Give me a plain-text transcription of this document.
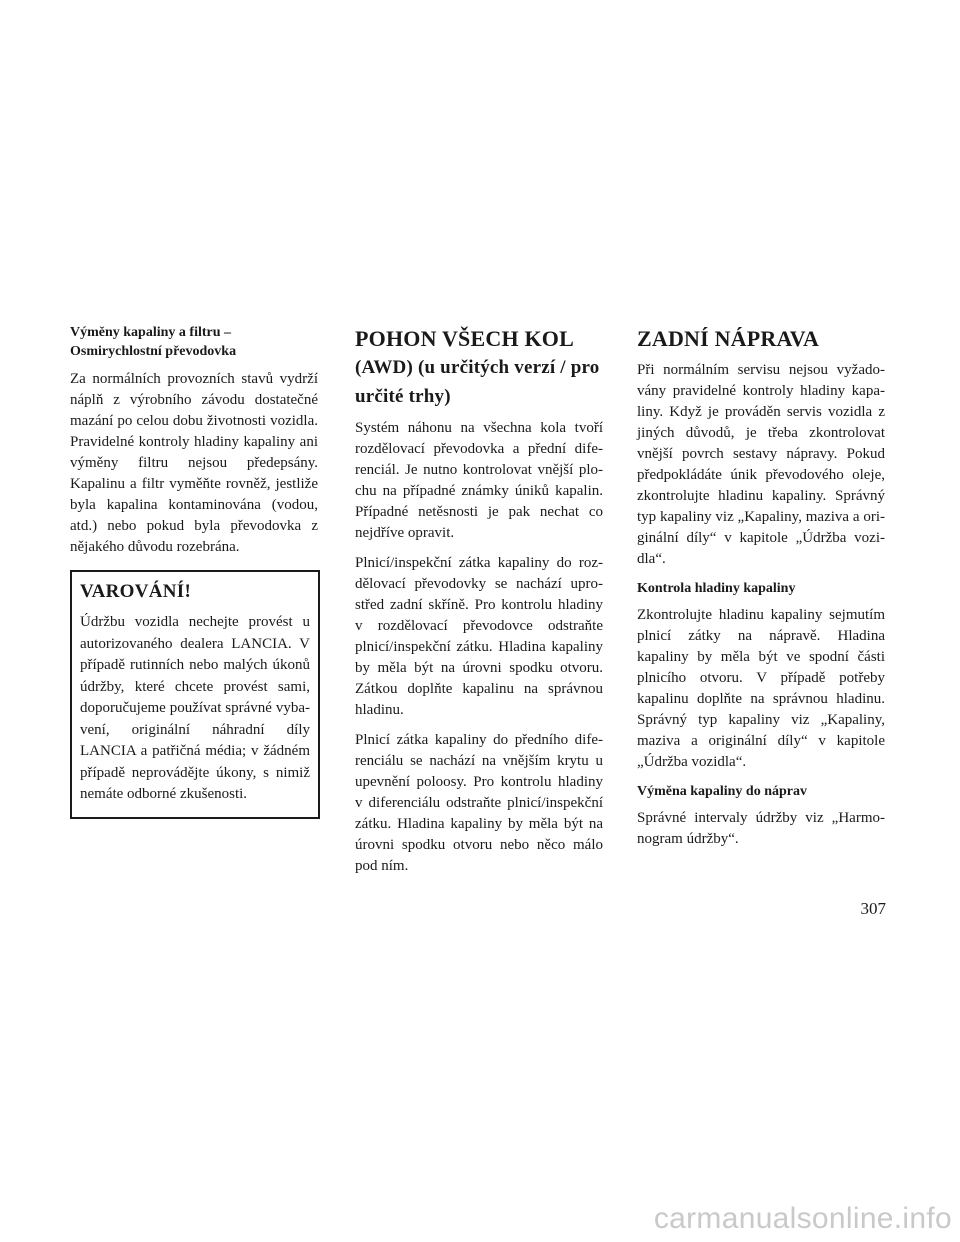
Výměny kapaliny a filtru –
Osmirychlostní převodovka

Za normálních provozních stavů vydrží náplň z výrobního závodu dostatečné mazání po celou dobu životnosti vozidla. Pravidelné kontroly hladiny kapaliny ani výměny filtru nejsou předepsány. Kapalinu a filtr vyměňte rovněž, jestliže byla kapalina kontaminována (vodou, atd.) nebo pokud byla převodovka z nějakého důvodu rozebrána.

VAROVÁNÍ!

Údržbu vozidla nechejte provést u autorizovaného dealera LANCIA. V případě rutinních nebo malých úkonů údržby, které chcete provést sami, doporučujeme používat správné vybavení, originální náhradní díly LANCIA a patřičná média; v žádném případě neprovádějte úkony, s nimiž nemáte odborné zkušenosti.

POHON VŠECH KOL
(AWD) (u určitých verzí / pro
určité trhy)

Systém náhonu na všechna kola tvoří rozdělovací převodovka a přední diferenciál. Je nutno kontrolovat vnější plochu na případné známky úniků kapalin. Případné netěsnosti je pak nechat co nejdříve opravit.

Plnicí/inspekční zátka kapaliny do rozdělovací převodovky se nachází uprostřed zadní skříně. Pro kontrolu hladiny v rozdělovací převodovce odstraňte plnicí/inspekční zátku. Hladina kapaliny by měla být na úrovni spodku otvoru. Zátkou doplňte kapalinu na správnou hladinu.

Plnicí zátka kapaliny do předního diferenciálu se nachází na vnějším krytu u upevnění poloosy. Pro kontrolu hladiny v diferenciálu odstraňte plnicí/inspekční zátku. Hladina kapaliny by měla být na úrovni spodku otvoru nebo něco málo pod ním.

ZADNÍ NÁPRAVA

Při normálním servisu nejsou vyžadovány pravidelné kontroly hladiny kapaliny. Když je prováděn servis vozidla z jiných důvodů, je třeba zkontrolovat vnější povrch sestavy nápravy. Pokud předpokládáte únik převodového oleje, zkontrolujte hladinu kapaliny. Správný typ kapaliny viz „Kapaliny, maziva a originální díly“ v kapitole „Údržba vozidla“.

Kontrola hladiny kapaliny

Zkontrolujte hladinu kapaliny sejmutím plnicí zátky na nápravě. Hladina kapaliny by měla být ve spodní části plnicího otvoru. V případě potřeby kapalinu doplňte na správnou hladinu. Správný typ kapaliny viz „Kapaliny, maziva a originální díly“ v kapitole „Údržba vozidla“.

Výměna kapaliny do náprav

Správné intervaly údržby viz „Harmonogram údržby“.

307
carmanualsonline.info
